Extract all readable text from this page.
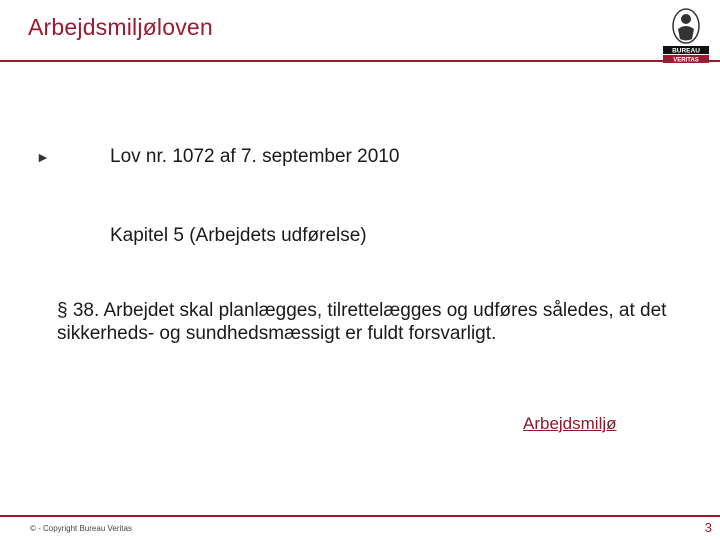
Arbejdsmiljøloven
BUREAU
VERITAS
►	Lov nr. 1072 af 7. september 2010
Kapitel 5 (Arbejdets udførelse)
§ 38. Arbejdet skal planlægges, tilrettelægges og udføres således, at det sikkerheds- og sundhedsmæssigt er fuldt forsvarligt.
Arbejdsmiljø
© - Copyright Bureau Veritas	3
